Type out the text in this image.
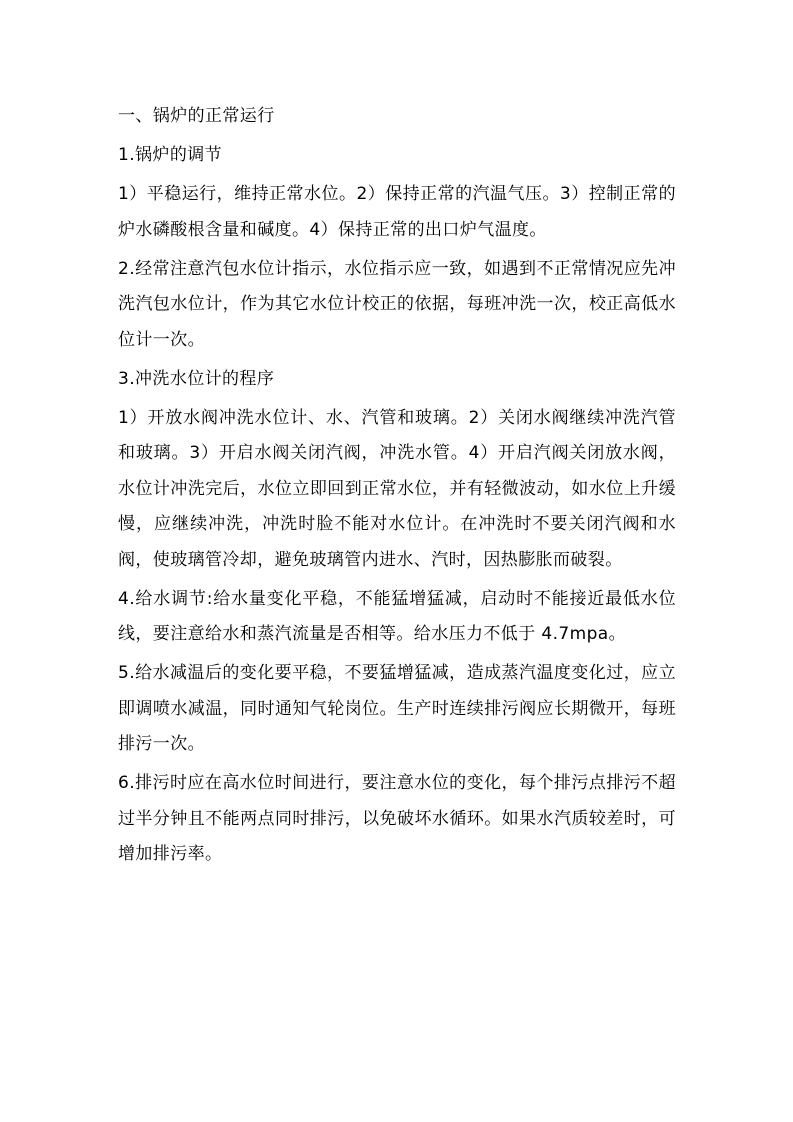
一、锅炉的正常运行
1.锅炉的调节
1）平稳运行，维持正常水位。2）保持正常的汽温气压。3）控制正常的炉水磷酸根含量和碱度。4）保持正常的出口炉气温度。
2.经常注意汽包水位计指示，水位指示应一致，如遇到不正常情况应先冲洗汽包水位计，作为其它水位计校正的依据，每班冲洗一次，校正高低水位计一次。
3.冲洗水位计的程序
1）开放水阀冲洗水位计、水、汽管和玻璃。2）关闭水阀继续冲洗汽管和玻璃。3）开启水阀关闭汽阀，冲洗水管。4）开启汽阀关闭放水阀，水位计冲洗完后，水位立即回到正常水位，并有轻微波动，如水位上升缓慢，应继续冲洗，冲洗时脸不能对水位计。在冲洗时不要关闭汽阀和水阀，使玻璃管冷却，避免玻璃管内进水、汽时，因热膨胀而破裂。
4.给水调节:给水量变化平稳，不能猛增猛减，启动时不能接近最低水位线，要注意给水和蒸汽流量是否相等。给水压力不低于 4.7mpa。
5.给水减温后的变化要平稳，不要猛增猛减，造成蒸汽温度变化过，应立即调喷水减温，同时通知气轮岗位。生产时连续排污阀应长期微开，每班排污一次。
6.排污时应在高水位时间进行，要注意水位的变化，每个排污点排污不超过半分钟且不能两点同时排污，以免破坏水循环。如果水汽质较差时，可增加排污率。
